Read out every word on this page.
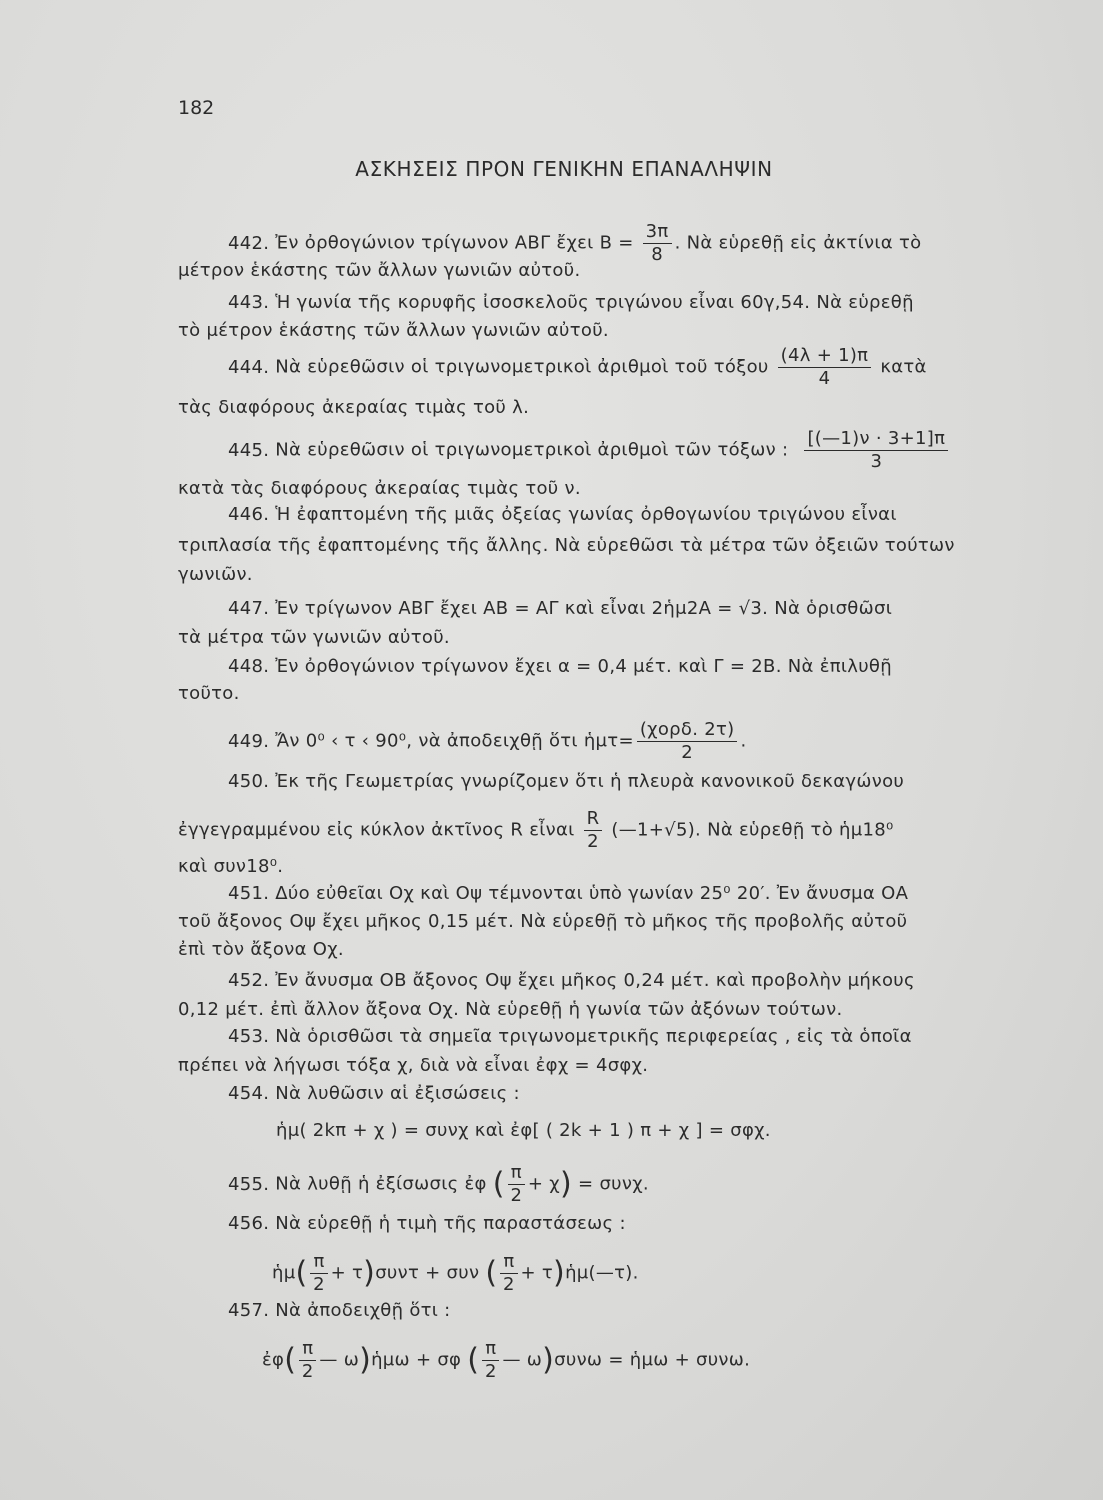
182
ΑΣΚΗΣΕΙΣ ΠΡΟΝ ΓΕΝΙΚΗΝ ΕΠΑΝΑΛΗΨΙΝ
442. Ἐν ὀρθογώνιον τρίγωνον ΑΒΓ ἔχει $B = \frac{3\pi}{8}$ . Νὰ εὑρεθῇ εἰς ἀκτίνια τὸ
μέτρον ἑκάστης τῶν ἄλλων γωνιῶν αὐτοῦ.
443. Ἡ γωνία τῆς κορυφῆς ἰσοσκελοῦς τριγώνου εἶναι 60γ,54. Νὰ εὑρεθῇ
τὸ μέτρον ἑκάστης τῶν ἄλλων γωνιῶν αὐτοῦ.
444. Νὰ εὑρεθῶσιν οἱ τριγωνομετρικοὶ ἀριθμοὶ τοῦ τόξου $\frac{(4\lambda + 1)\pi}{4}$ κατὰ
τὰς διαφόρους ἀκεραίας τιμὰς τοῦ λ.
445. Νὰ εὑρεθῶσιν οἱ τριγωνομετρικοὶ ἀριθμοὶ τῶν τόξων : $\frac{[(—1)\nu \cdot 3+1]\pi}{3}$
κατὰ τὰς διαφόρους ἀκεραίας τιμὰς τοῦ ν.
446. Ἡ ἐφαπτομένη τῆς μιᾶς ὀξείας γωνίας ὀρθογωνίου τριγώνου εἶναι
τριπλασία τῆς ἐφαπτομένης τῆς ἄλλης. Νὰ εὑρεθῶσι τὰ μέτρα τῶν ὀξειῶν τούτων
γωνιῶν.
447. Ἐν τρίγωνον ΑΒΓ ἔχει ΑΒ = ΑΓ καὶ εἶναι 2ἡμ2Α = √3. Νὰ ὁρισθῶσι
τὰ μέτρα τῶν γωνιῶν αὐτοῦ.
448. Ἐν ὀρθογώνιον τρίγωνον ἔχει α = 0,4 μέτ. καὶ Γ = 2Β. Νὰ ἐπιλυθῇ
τοῦτο.
449. Ἄν 0⁰ ‹ τ ‹ 90⁰, νὰ ἀποδειχθῇ ὅτι ἡμτ= $\frac{\text{(χορδ. 2τ)}}{2}$ .
450. Ἐκ τῆς Γεωμετρίας γνωρίζομεν ὅτι ἡ πλευρὰ κανονικοῦ δεκαγώνου
ἐγγεγραμμένου εἰς κύκλον ἀκτῖνος R εἶναι $\frac{R}{2}$ (—1+√5). Νὰ εὑρεθῇ τὸ ἡμ18⁰
καὶ συν18⁰.
451. Δύο εὐθεῖαι Οχ καὶ Οψ τέμνονται ὑπὸ γωνίαν 25⁰ 20′. Ἐν ἄνυσμα ΟΑ
τοῦ ἄξονος Οψ ἔχει μῆκος 0,15 μέτ. Νὰ εὑρεθῇ τὸ μῆκος τῆς προβολῆς αὐτοῦ
ἐπὶ τὸν ἄξονα Οχ.
452. Ἐν ἄνυσμα ΟΒ ἄξονος Οψ ἔχει μῆκος 0,24 μέτ. καὶ προβολὴν μήκους
0,12 μέτ. ἐπὶ ἄλλον ἄξονα Οχ. Νὰ εὑρεθῇ ἡ γωνία τῶν ἀξόνων τούτων.
453. Νὰ ὁρισθῶσι τὰ σημεῖα τριγωνομετρικῆς περιφερείας , εἰς τὰ ὁποῖα
πρέπει νὰ λήγωσι τόξα χ, διὰ νὰ εἶναι ἐφχ = 4σφχ.
454. Νὰ λυθῶσιν αἱ ἐξισώσεις :
ἡμ( 2kπ + χ ) = συνχ καὶ ἐφ[ ( 2k + 1 ) π + χ ] = σφχ.
455. Νὰ λυθῇ ἡ ἐξίσωσις ἐφ ( $\frac{\pi}{2} + \chi) = \sigma\upsilon\nu\chi$.
456. Νὰ εὑρεθῇ ἡ τιμὴ τῆς παραστάσεως :
ἡμ( $\frac{\pi}{2} + \tau)\sigma\upsilon\nu\tau + \sigma\upsilon\nu$ ( $\frac{\pi}{2}$ + τ)ἡμ(—τ).
457. Νὰ ἀποδειχθῇ ὅτι :
ἐφ( $\frac{\pi}{2}$ — ω)ἡμω + σφ ( $\frac{\pi}{2}$ — ω)συνω = ἡμω + συνω.
